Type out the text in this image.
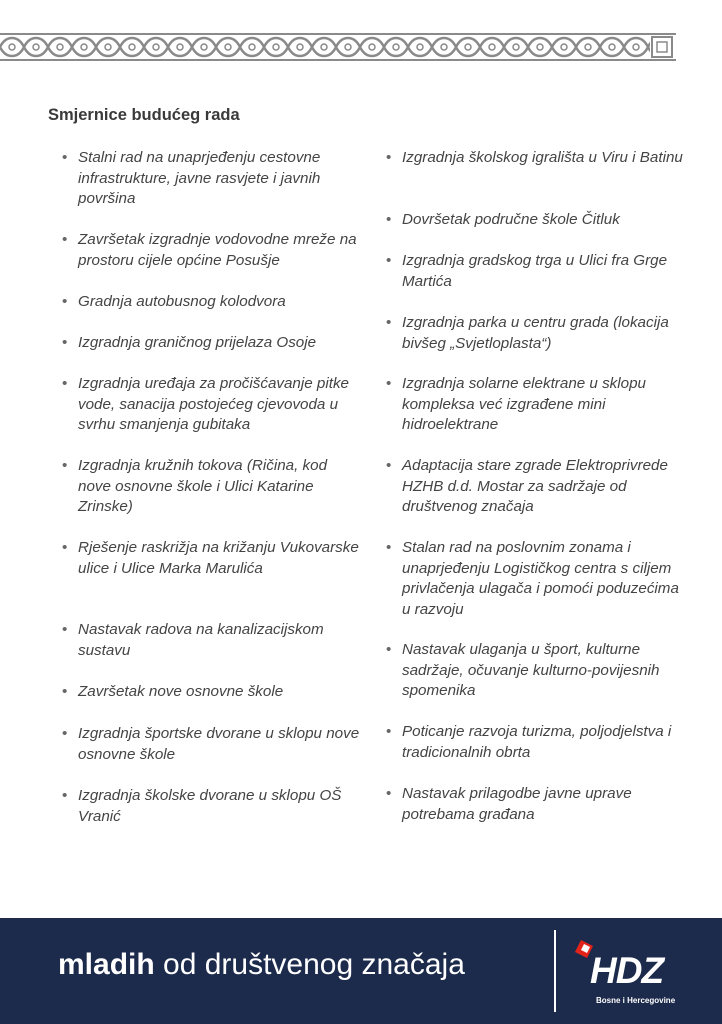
Smjernice budućeg rada
• Stalni rad na unaprjeđenju cestovne infrastrukture, javne rasvjete i javnih površina
• Završetak izgradnje vodovodne mreže na prostoru cijele općine Posušje
• Gradnja autobusnog kolodvora
• Izgradnja graničnog prijelaza Osoje
• Izgradnja uređaja za pročišćavanje pitke vode, sanacija postojećeg cjevovoda u svrhu smanjenja gubitaka
• Izgradnja kružnih tokova (Ričina, kod nove osnovne škole i Ulici Katarine Zrinske)
• Rješenje raskrižja na križanju Vukovarske ulice i Ulice Marka Marulića
• Nastavak radova na kanalizacijskom sustavu
• Završetak nove osnovne škole
• Izgradnja športske dvorane u sklopu nove osnovne škole
• Izgradnja školske dvorane u sklopu OŠ Vranić
• Izgradnja školskog igrališta u Viru i Batinu
• Dovršetak područne škole Čitluk
• Izgradnja gradskog trga u Ulici fra Grge Martića
• Izgradnja parka u centru grada (lokacija bivšeg „Svjetloplasta“)
• Izgradnja solarne elektrane u sklopu kompleksa već izgrađene mini hidroelektrane
• Adaptacija stare zgrade Elektroprivrede HZHB d.d. Mostar za sadržaje od društvenog značaja
• Stalan rad na poslovnim zonama i unaprjeđenju Logističkog centra s ciljem privlačenja ulagača i pomoći poduzećima u razvoju
• Nastavak ulaganja u šport, kulturne sadržaje, očuvanje kulturno-povijesnih spomenika
• Poticanje razvoja turizma, poljodjelstva i tradicionalnih obrta
• Nastavak prilagodbe javne uprave potrebama građana
mladih od društvenog značaja	HDZ
Bosne i Hercegovine
